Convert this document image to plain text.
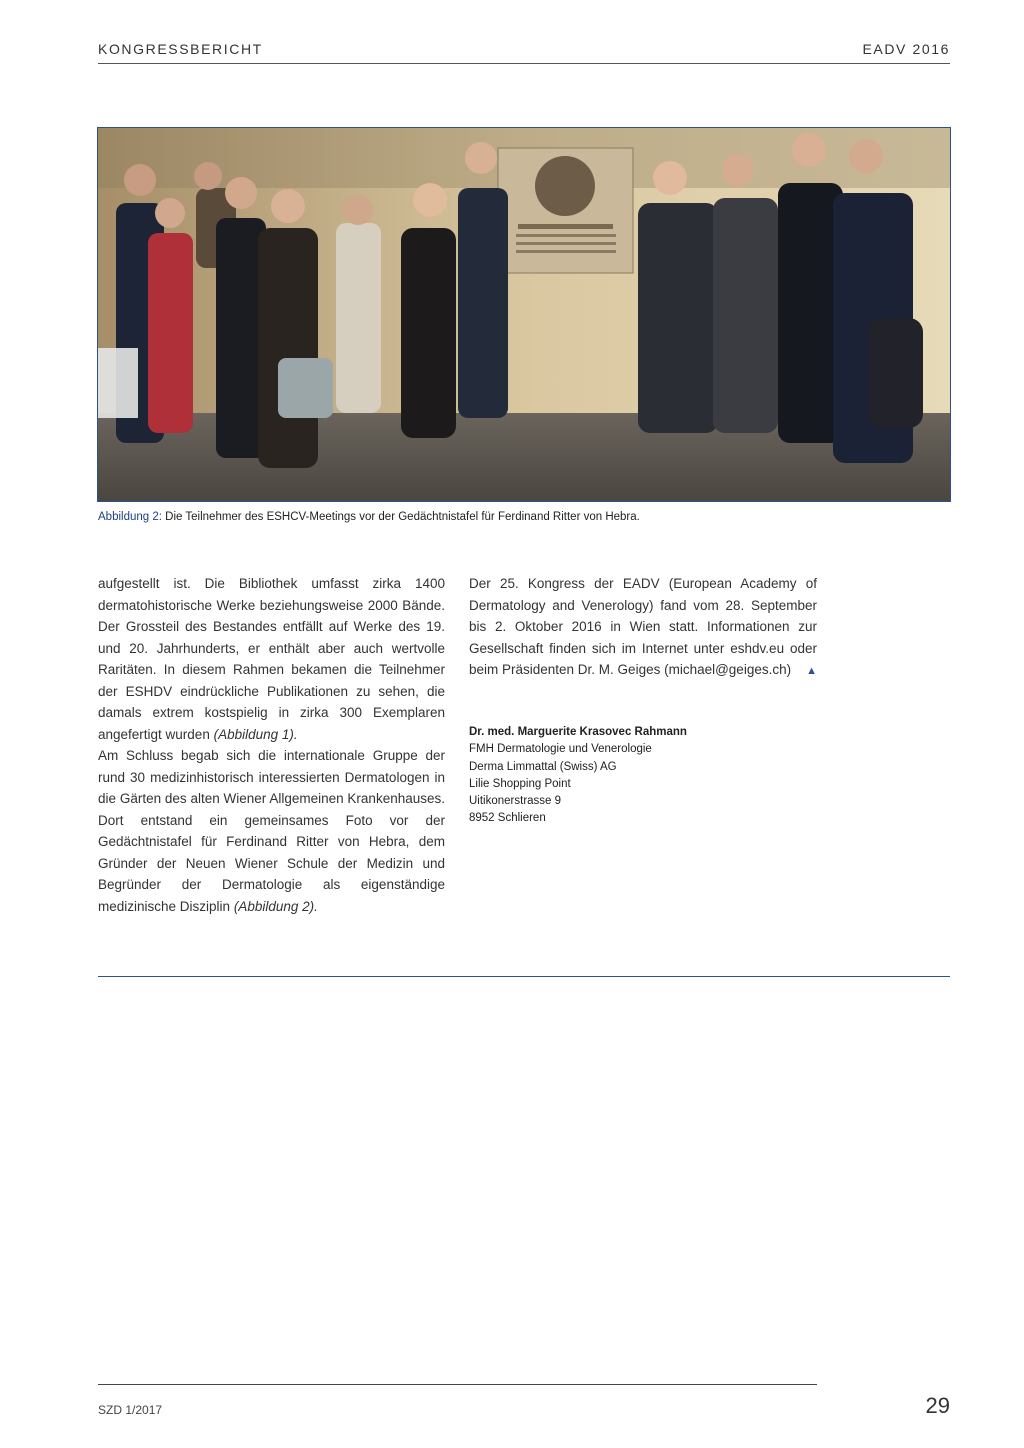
KONGRESSBERICHT	EADV 2016
Abbildung 2: Die Teilnehmer des ESHCV-Meetings vor der Gedächtnistafel für Ferdinand Ritter von Hebra.

aufgestellt ist. Die Bibliothek umfasst zirka 1400 dermatohistorische Werke beziehungsweise 2000 Bände. Der Grossteil des Bestandes entfällt auf Werke des 19. und 20. Jahrhunderts, er enthält aber auch wertvolle Raritäten. In diesem Rahmen bekamen die Teilnehmer der ESHDV eindrückliche Publikationen zu sehen, die damals extrem kostspielig in zirka 300 Exemplaren angefertigt wurden (Abbildung 1).

Am Schluss begab sich die internationale Gruppe der rund 30 medizinhistorisch interessierten Dermatologen in die Gärten des alten Wiener Allgemeinen Krankenhauses. Dort entstand ein gemeinsames Foto vor der Gedächtnistafel für Ferdinand Ritter von Hebra, dem Gründer der Neuen Wiener Schule der Medizin und Begründer der Dermatologie als eigenständige medizinische Disziplin (Abbildung 2).

Der 25. Kongress der EADV (European Academy of Dermatology and Venerology) fand vom 28. September bis 2. Oktober 2016 in Wien statt. Informationen zur Gesellschaft finden sich im Internet unter eshdv.eu oder beim Präsidenten Dr. M. Geiges (michael@geiges.ch) ▲

Dr. med. Marguerite Krasovec Rahmann
FMH Dermatologie und Venerologie
Derma Limmattal (Swiss) AG
Lilie Shopping Point
Uitikonerstrasse 9
8952 Schlieren
SZD 1/2017	29
